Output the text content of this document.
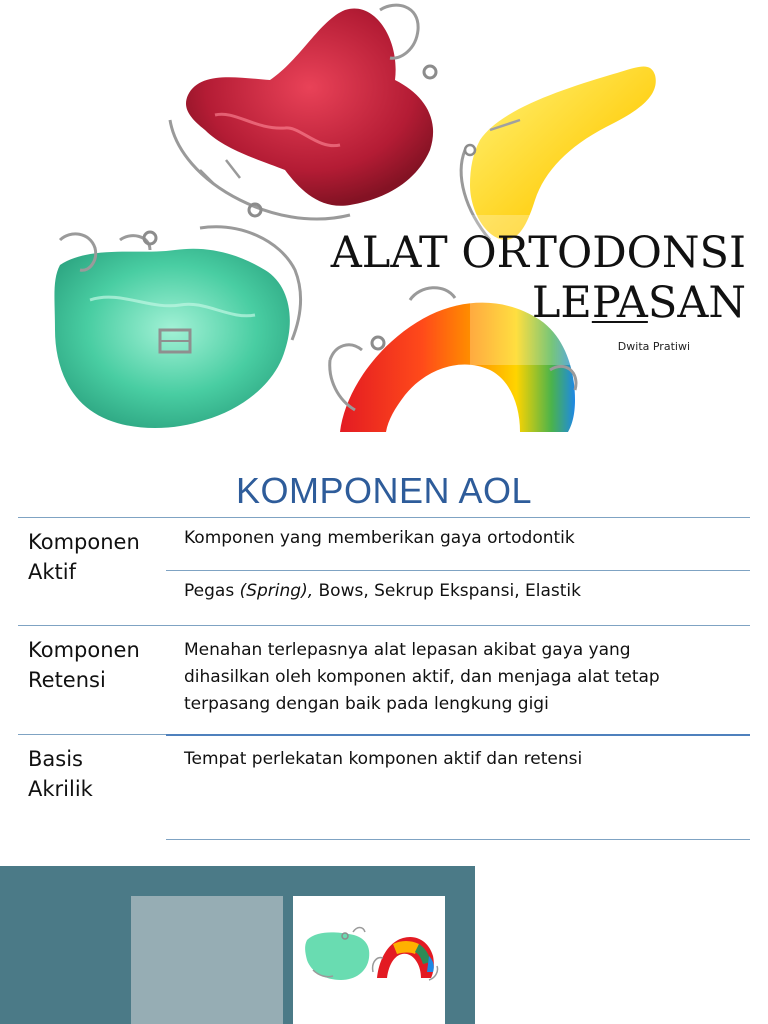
ALAT ORTODONSI
LEPASAN
Dwita Pratiwi
KOMPONEN AOL
Komponen
Aktif
Komponen yang memberikan gaya ortodontik
Pegas (Spring), Bows, Sekrup Ekspansi, Elastik
Komponen
Retensi
Menahan terlepasnya alat lepasan akibat gaya yang
dihasilkan oleh komponen aktif, dan menjaga alat tetap
terpasang dengan baik pada lengkung gigi
Basis
Akrilik
Tempat perlekatan komponen aktif dan retensi
